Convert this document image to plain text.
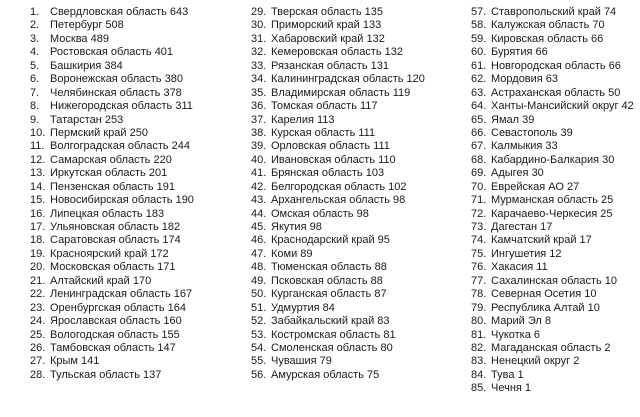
1. Свердловская область 643
2. Петербург 508
3. Москва 489
4. Ростовская область 401
5. Башкирия 384
6. Воронежская область 380
7. Челябинская область 378
8. Нижегородская область 311
9. Татарстан 253
10. Пермский край 250
11. Волгоградская область 244
12. Самарская область 220
13. Иркутская область 201
14. Пензенская область 191
15. Новосибирская область 190
16. Липецкая область 183
17. Ульяновская область 182
18. Саратовская область 174
19. Красноярский край 172
20. Московская область 171
21. Алтайский край 170
22. Ленинградская область 167
23. Оренбургская область 164
24. Ярославская область 160
25. Вологодская область 155
26. Тамбовская область 147
27. Крым 141
28. Тульская область 137
29. Тверская область 135
30. Приморский край 133
31. Хабаровский край 132
32. Кемеровская область 132
33. Рязанская область 131
34. Калининградская область 120
35. Владимирская область 119
36. Томская область 117
37. Карелия 113
38. Курская область 111
39. Орловская область 111
40. Ивановская область 110
41. Брянская область 103
42. Белгородская область 102
43. Архангельская область 98
44. Омская область 98
45. Якутия 98
46. Краснодарский край 95
47. Коми 89
48. Тюменская область 88
49. Псковская область 88
50. Курганская область 87
51. Удмуртия 84
52. Забайкальский край 83
53. Костромская область 81
54. Смоленская область 80
55. Чувашия 79
56. Амурская область 75
57. Ставропольский край 74
58. Калужская область 70
59. Кировская область 66
60. Бурятия 66
61. Новгородская область 66
62. Мордовия 63
63. Астраханская область 50
64. Ханты-Мансийский округ 42
65. Ямал 39
66. Севастополь 39
67. Калмыкия 33
68. Кабардино-Балкария 30
69. Адыгея 30
70. Еврейская АО 27
71. Мурманская область 25
72. Карачаево-Черкесия 25
73. Дагестан 17
74. Камчатский край 17
75. Ингушетия 12
76. Хакасия 11
77. Сахалинская область 10
78. Северная Осетия 10
79. Республика Алтай 10
80. Марий Эл 8
81. Чукотка 6
82. Магаданская область 2
83. Ненецкий округ 2
84. Тува 1
85. Чечня 1
